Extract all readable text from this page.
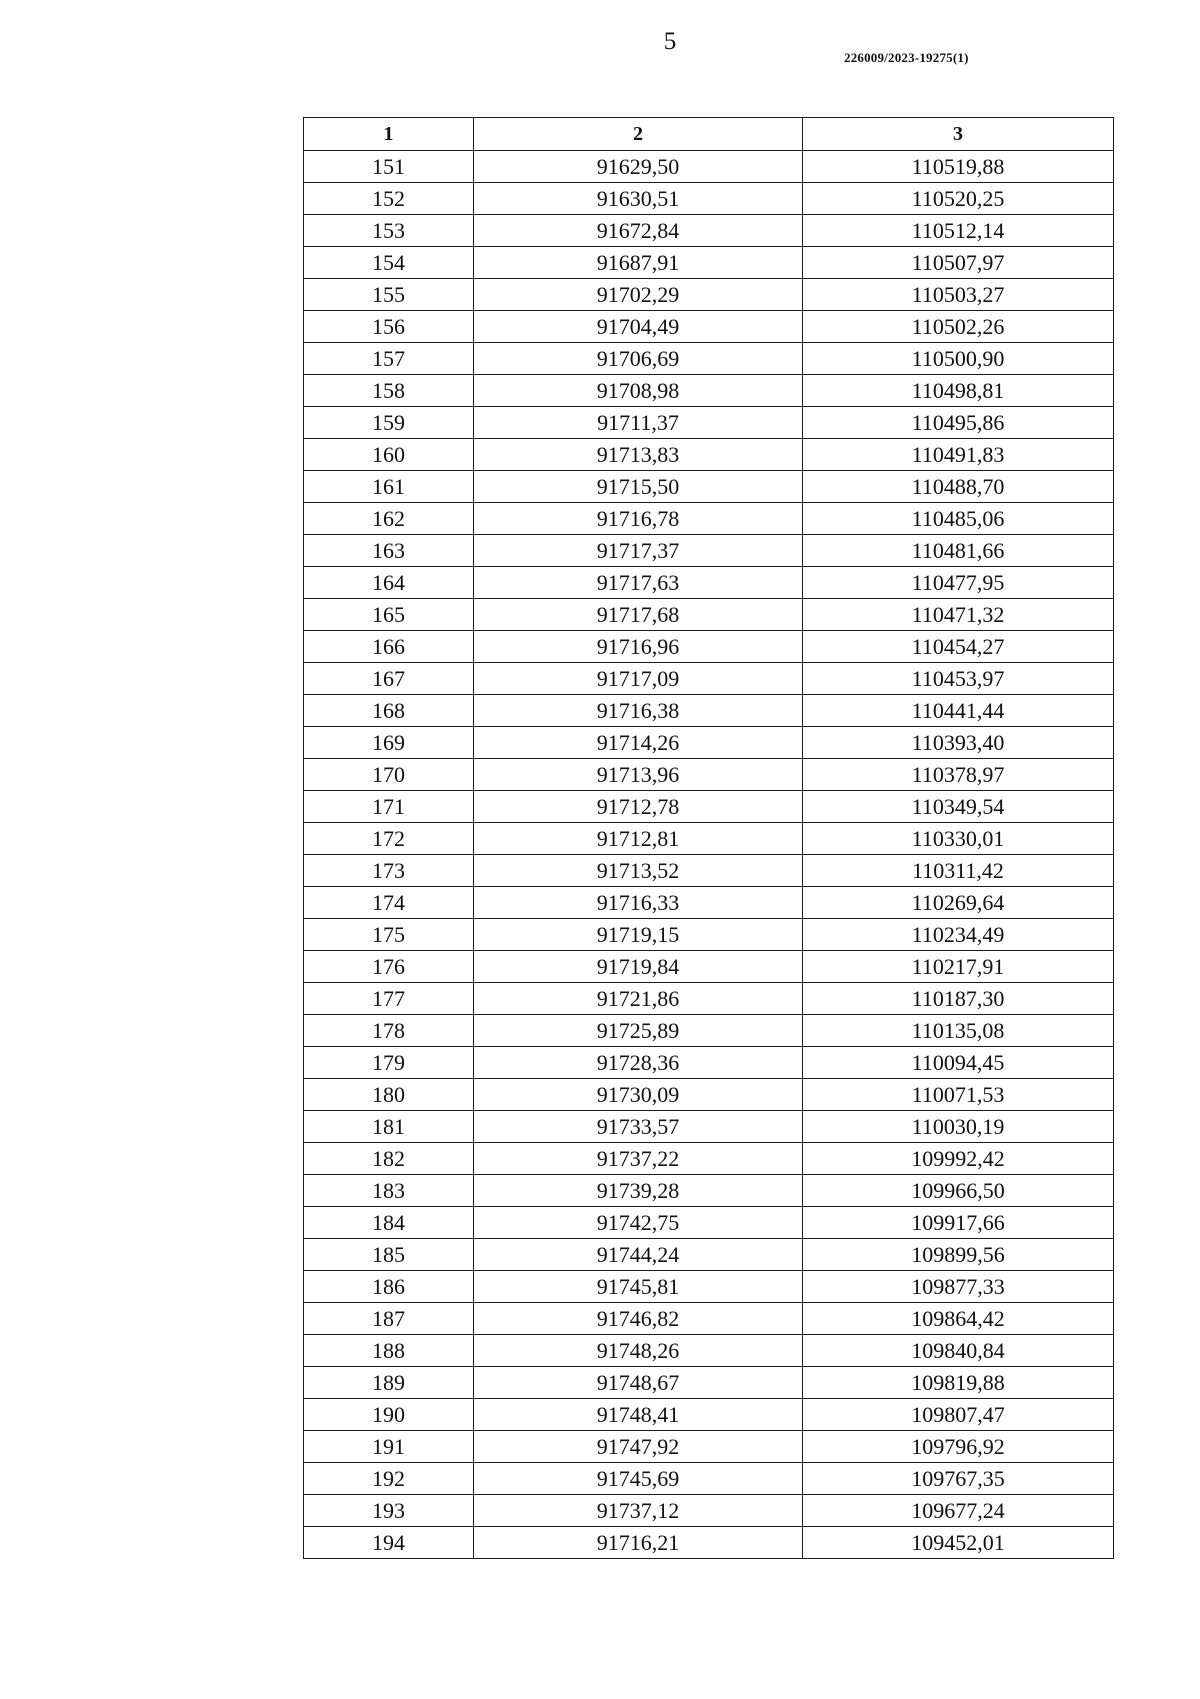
5
226009/2023-19275(1)
1	2	3
151	91629,50	110519,88
152	91630,51	110520,25
153	91672,84	110512,14
154	91687,91	110507,97
155	91702,29	110503,27
156	91704,49	110502,26
157	91706,69	110500,90
158	91708,98	110498,81
159	91711,37	110495,86
160	91713,83	110491,83
161	91715,50	110488,70
162	91716,78	110485,06
163	91717,37	110481,66
164	91717,63	110477,95
165	91717,68	110471,32
166	91716,96	110454,27
167	91717,09	110453,97
168	91716,38	110441,44
169	91714,26	110393,40
170	91713,96	110378,97
171	91712,78	110349,54
172	91712,81	110330,01
173	91713,52	110311,42
174	91716,33	110269,64
175	91719,15	110234,49
176	91719,84	110217,91
177	91721,86	110187,30
178	91725,89	110135,08
179	91728,36	110094,45
180	91730,09	110071,53
181	91733,57	110030,19
182	91737,22	109992,42
183	91739,28	109966,50
184	91742,75	109917,66
185	91744,24	109899,56
186	91745,81	109877,33
187	91746,82	109864,42
188	91748,26	109840,84
189	91748,67	109819,88
190	91748,41	109807,47
191	91747,92	109796,92
192	91745,69	109767,35
193	91737,12	109677,24
194	91716,21	109452,01
